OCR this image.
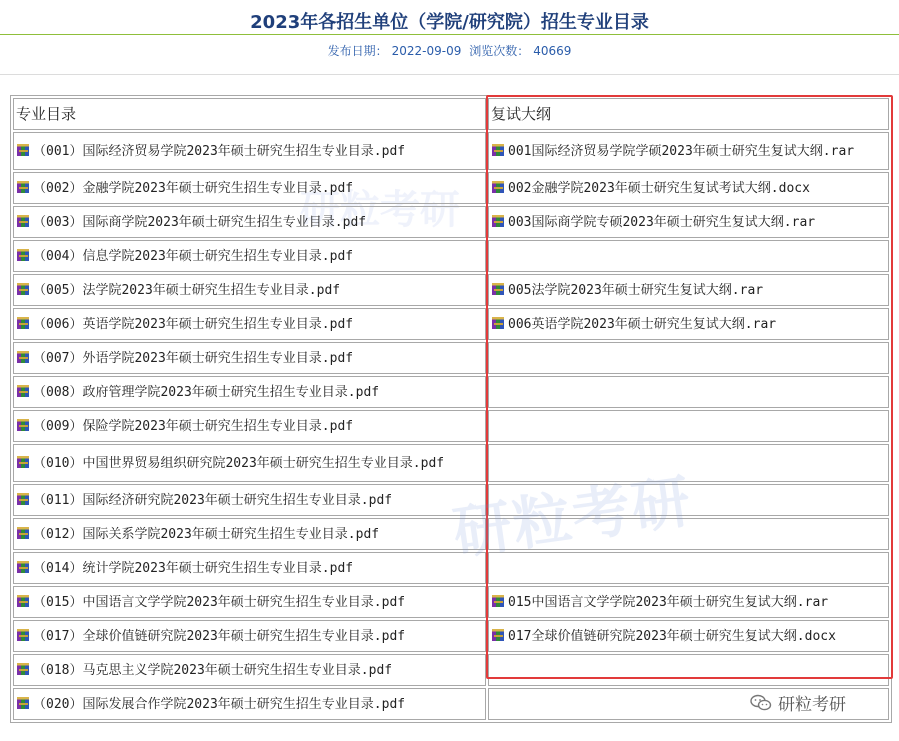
2023年各招生单位（学院/研究院）招生专业目录
发布日期： 2022-09-09 浏览次数： 40669
研粒考研
专业目录	复试大纲
（001）国际经济贸易学院2023年硕士研究生招生专业目录.pdf	001国际经济贸易学院学硕2023年硕士研究生复试大纲.rar
（002）金融学院2023年硕士研究生招生专业目录.pdf	002金融学院2023年硕士研究生复试考试大纲.docx
（003）国际商学院2023年硕士研究生招生专业目录.pdf	003国际商学院专硕2023年硕士研究生复试大纲.rar
（004）信息学院2023年硕士研究生招生专业目录.pdf	
（005）法学院2023年硕士研究生招生专业目录.pdf	005法学院2023年硕士研究生复试大纲.rar
（006）英语学院2023年硕士研究生招生专业目录.pdf	006英语学院2023年硕士研究生复试大纲.rar
（007）外语学院2023年硕士研究生招生专业目录.pdf	
（008）政府管理学院2023年硕士研究生招生专业目录.pdf	
（009）保险学院2023年硕士研究生招生专业目录.pdf	
（010）中国世界贸易组织研究院2023年硕士研究生招生专业目录.pdf	
（011）国际经济研究院2023年硕士研究生招生专业目录.pdf	
（012）国际关系学院2023年硕士研究生招生专业目录.pdf	
（014）统计学院2023年硕士研究生招生专业目录.pdf	
（015）中国语言文学学院2023年硕士研究生招生专业目录.pdf	015中国语言文学学院2023年硕士研究生复试大纲.rar
（017）全球价值链研究院2023年硕士研究生招生专业目录.pdf	017全球价值链研究院2023年硕士研究生复试大纲.docx
（018）马克思主义学院2023年硕士研究生招生专业目录.pdf	
（020）国际发展合作学院2023年硕士研究生招生专业目录.pdf	
研粒考研
研粒考研
